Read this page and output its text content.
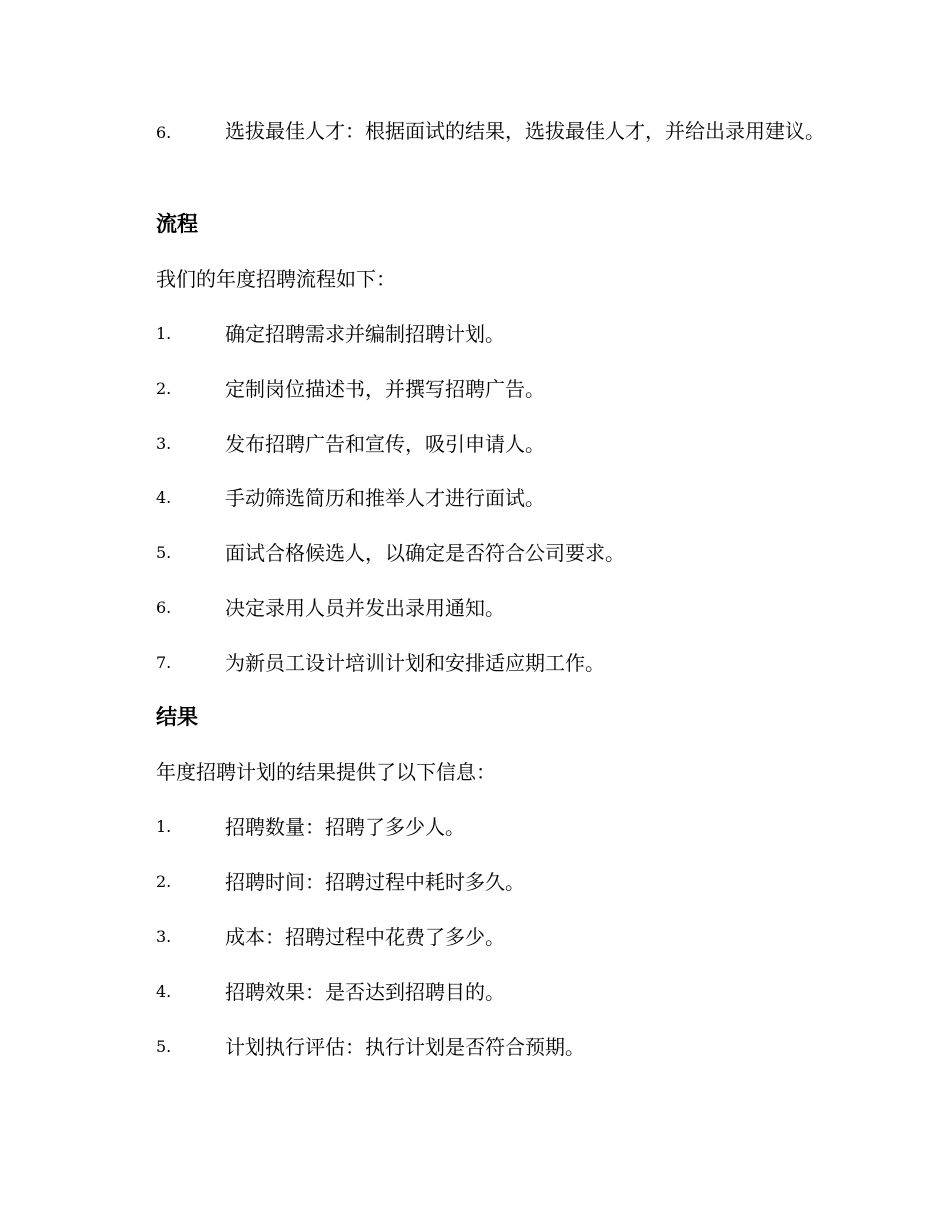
6.	选拔最佳人才：根据面试的结果，选拔最佳人才，并给出录用建议。
流程
我们的年度招聘流程如下：
1.	确定招聘需求并编制招聘计划。
2.	定制岗位描述书，并撰写招聘广告。
3.	发布招聘广告和宣传，吸引申请人。
4.	手动筛选简历和推举人才进行面试。
5.	面试合格候选人，以确定是否符合公司要求。
6.	决定录用人员并发出录用通知。
7.	为新员工设计培训计划和安排适应期工作。
结果
年度招聘计划的结果提供了以下信息：
1.	招聘数量：招聘了多少人。
2.	招聘时间：招聘过程中耗时多久。
3.	成本：招聘过程中花费了多少。
4.	招聘效果：是否达到招聘目的。
5.	计划执行评估：执行计划是否符合预期。
